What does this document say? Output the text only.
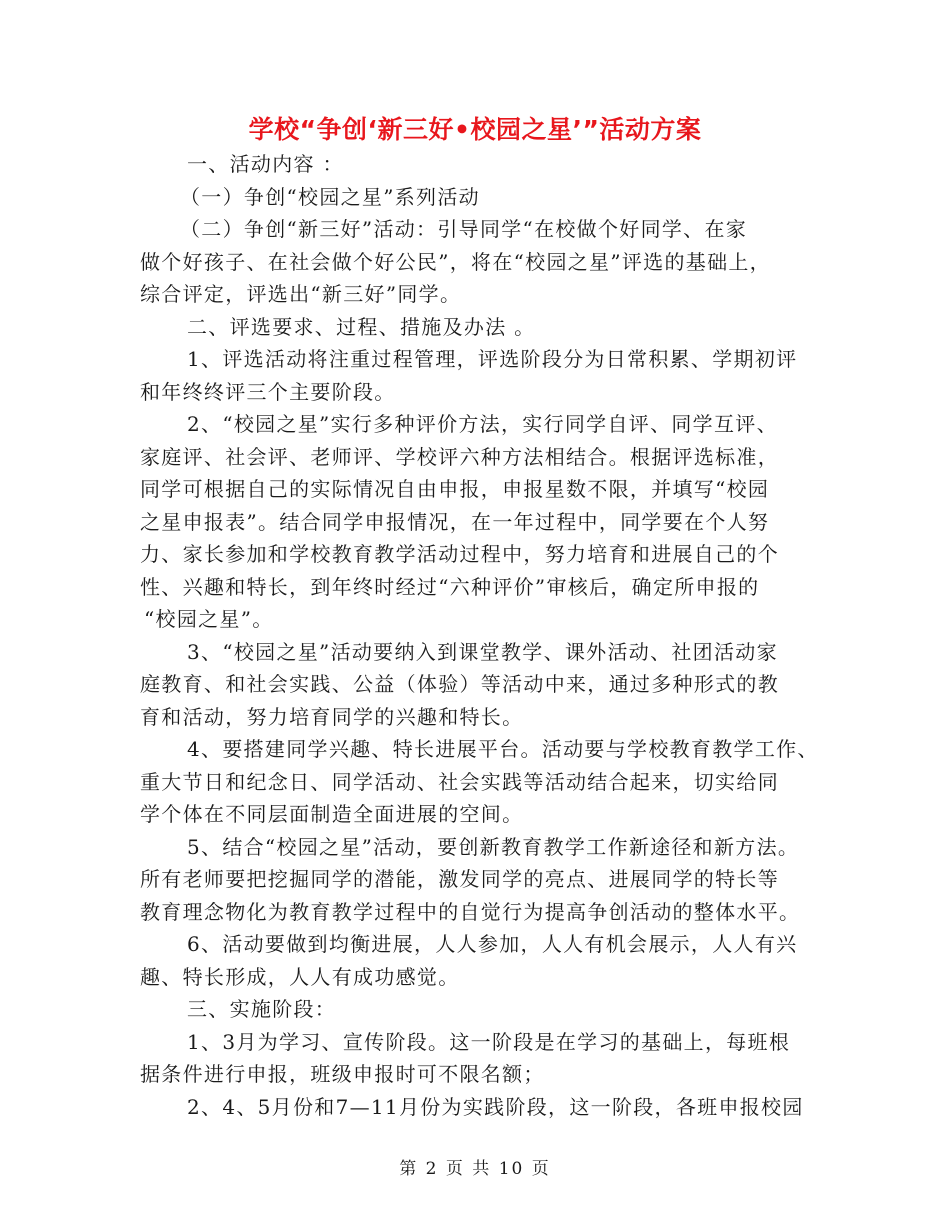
学校“争创‘新三好•校园之星’”活动方案
一、活动内容 ：
（一）争创“校园之星”系列活动
（二）争创“新三好”活动：引导同学“在校做个好同学、在家
做个好孩子、在社会做个好公民”，将在“校园之星”评选的基础上，
综合评定，评选出“新三好”同学。
二、评选要求、过程、措施及办法 。
1、评选活动将注重过程管理，评选阶段分为日常积累、学期初评
和年终终评三个主要阶段。
2、“校园之星”实行多种评价方法，实行同学自评、同学互评、
家庭评、社会评、老师评、学校评六种方法相结合。根据评选标准，
同学可根据自己的实际情况自由申报，申报星数不限，并填写“校园
之星申报表”。结合同学申报情况，在一年过程中，同学要在个人努
力、家长参加和学校教育教学活动过程中，努力培育和进展自己的个
性、兴趣和特长，到年终时经过“六种评价”审核后，确定所申报的
“校园之星”。
3、“校园之星”活动要纳入到课堂教学、课外活动、社团活动家
庭教育、和社会实践、公益（体验）等活动中来，通过多种形式的教
育和活动，努力培育同学的兴趣和特长。
4、要搭建同学兴趣、特长进展平台。活动要与学校教育教学工作、
重大节日和纪念日、同学活动、社会实践等活动结合起来，切实给同
学个体在不同层面制造全面进展的空间。
5、结合“校园之星”活动，要创新教育教学工作新途径和新方法。
所有老师要把挖掘同学的潜能，激发同学的亮点、进展同学的特长等
教育理念物化为教育教学过程中的自觉行为提高争创活动的整体水平。
6、活动要做到均衡进展，人人参加，人人有机会展示，人人有兴
趣、特长形成，人人有成功感觉。
三、实施阶段：
1、3月为学习、宣传阶段。这一阶段是在学习的基础上，每班根
据条件进行申报，班级申报时可不限名额；
2、4、5月份和7—11月份为实践阶段，这一阶段，各班申报校园
第 2 页 共 10 页
